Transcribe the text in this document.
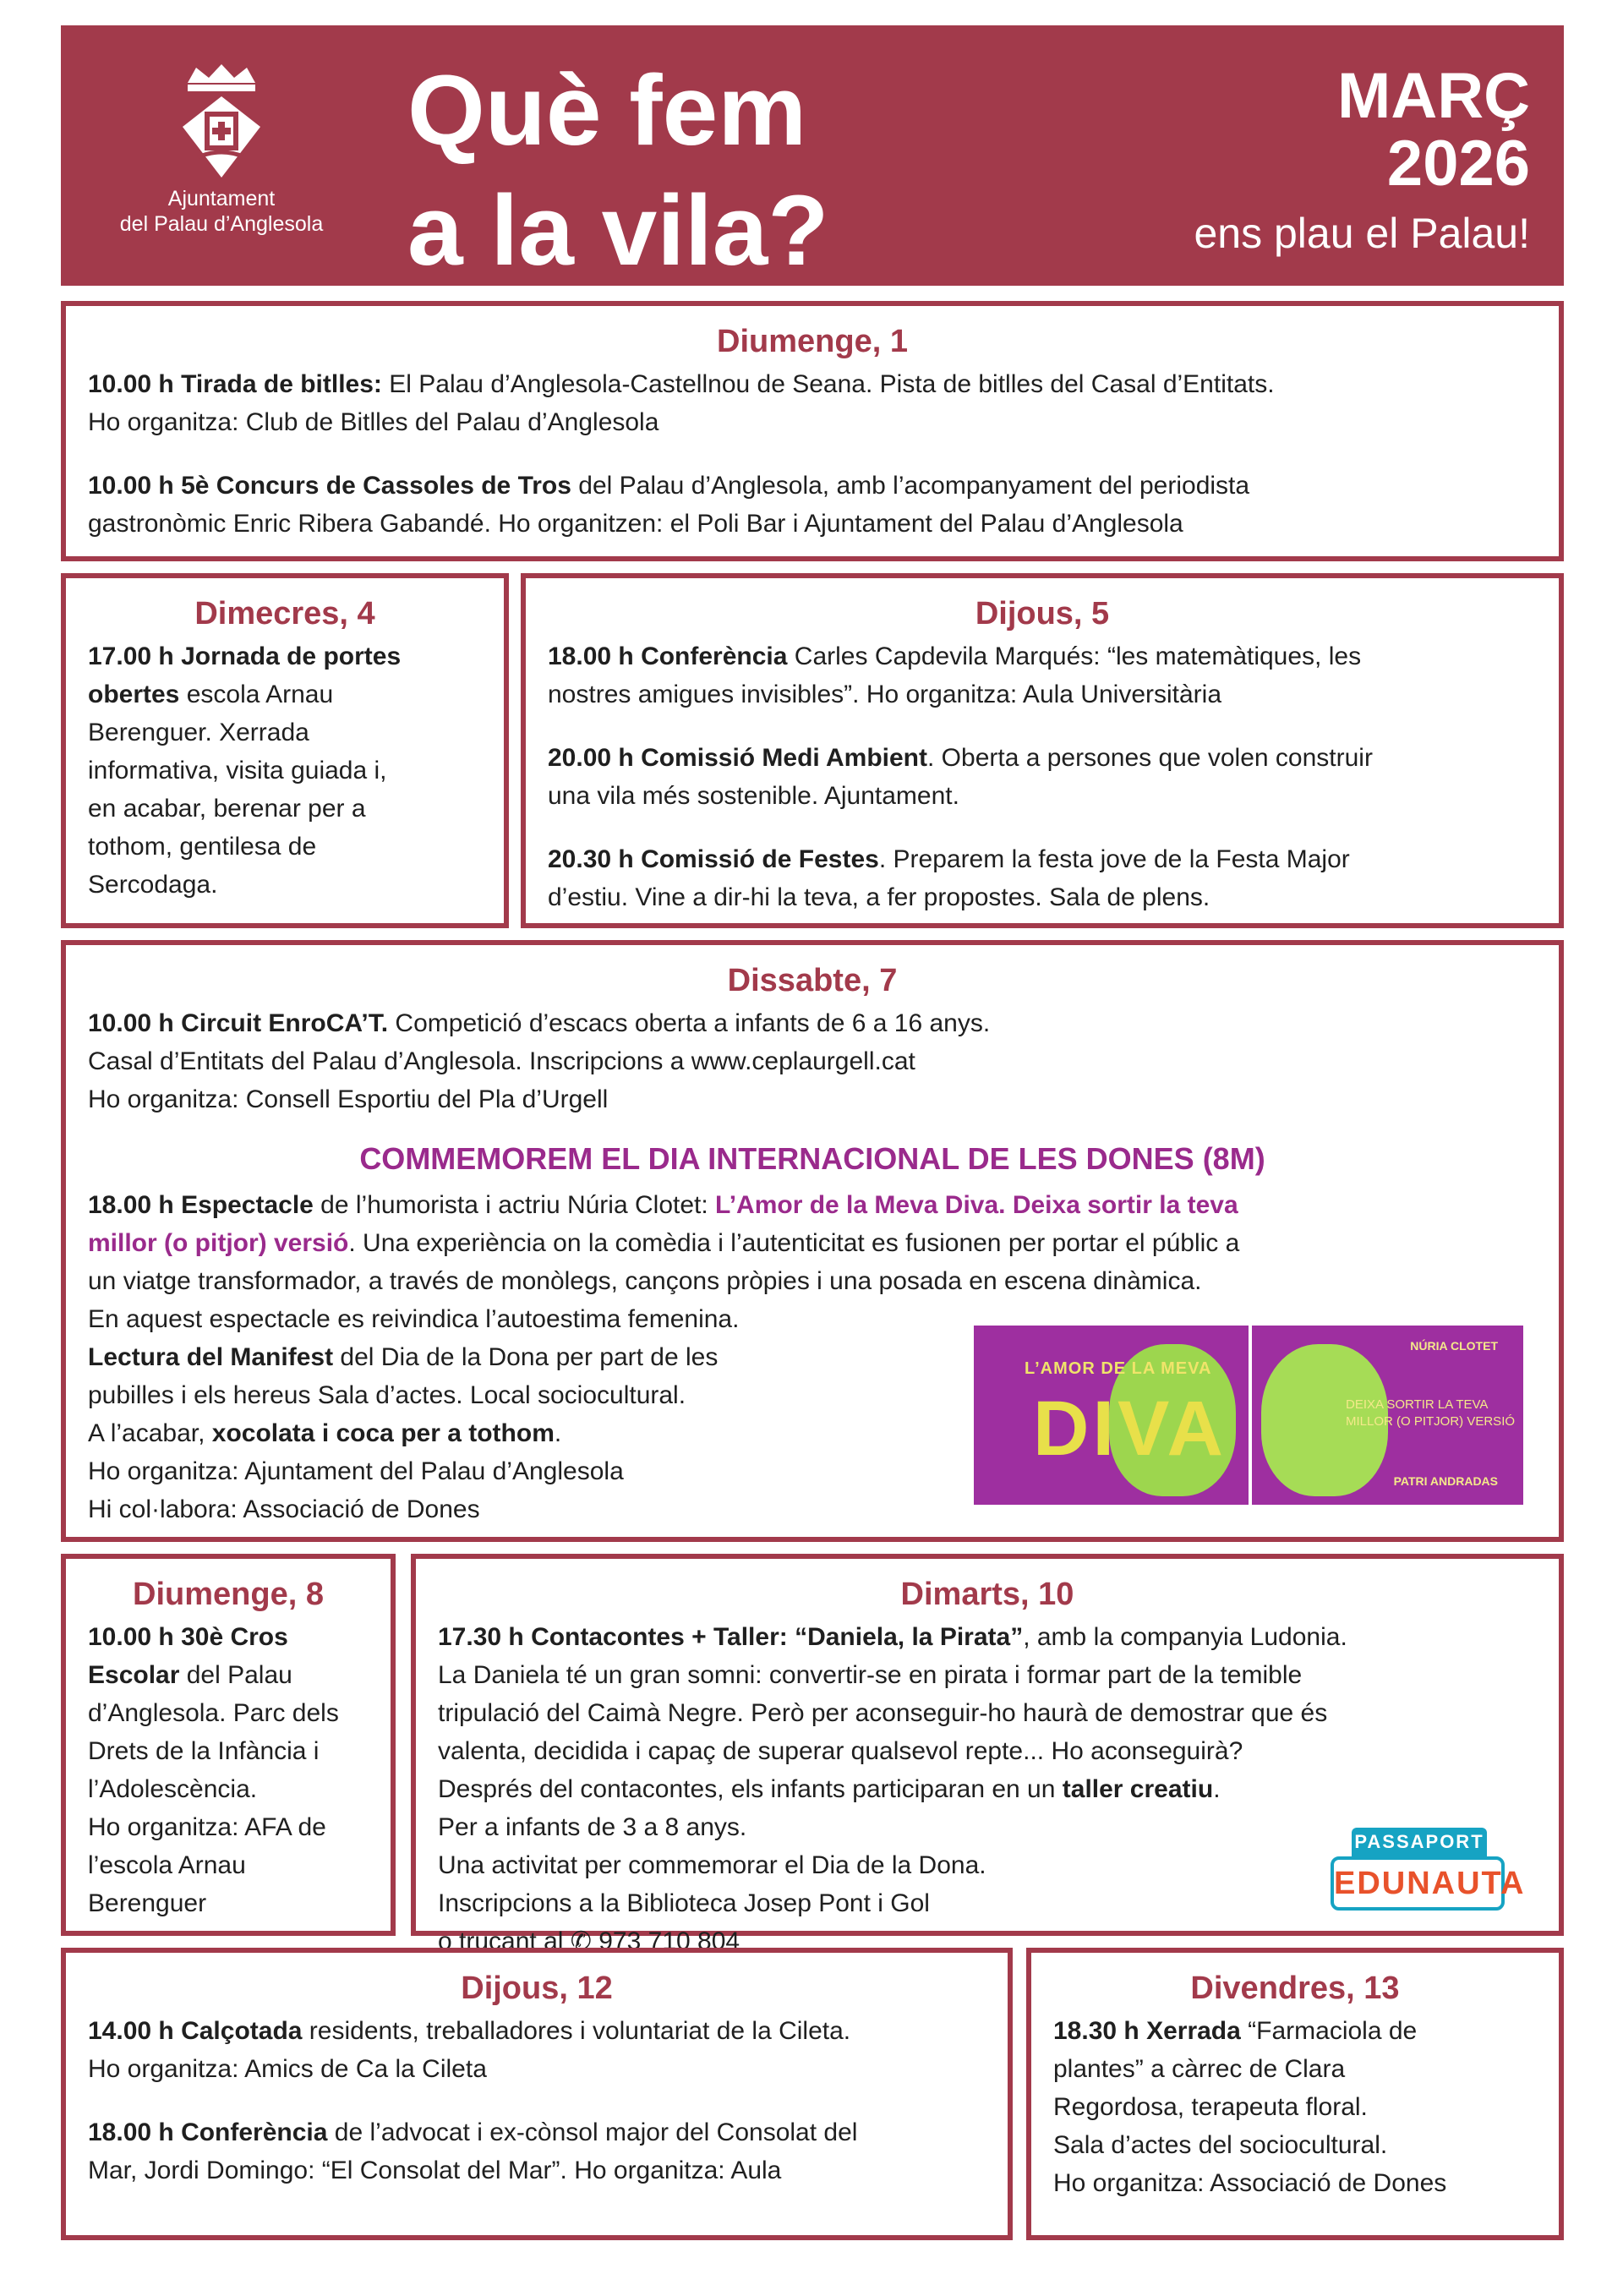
Ajuntament
del Palau d’Anglesola
Què fem
a la vila?
MARÇ
2026
ens plau el Palau!
Diumenge, 1

10.00 h Tirada de bitlles: El Palau d’Anglesola-Castellnou de Seana. Pista de bitlles del Casal d’Entitats.

Ho organitza: Club de Bitlles del Palau d’Anglesola

10.00 h 5è Concurs de Cassoles de Tros del Palau d’Anglesola, amb l’acompanyament del periodista

gastronòmic Enric Ribera Gabandé. Ho organitzen: el Poli Bar i Ajuntament del Palau d’Anglesola

Dimecres, 4

17.00 h Jornada de portes

obertes escola Arnau

Berenguer. Xerrada

informativa, visita guiada i,

en acabar, berenar per a

tothom, gentilesa de

Sercodaga.

Dijous, 5

18.00 h Conferència Carles Capdevila Marqués: “les matemàtiques, les

nostres amigues invisibles”. Ho organitza: Aula Universitària

20.00 h Comissió Medi Ambient. Oberta a persones que volen construir

una vila més sostenible. Ajuntament.

20.30 h Comissió de Festes. Preparem la festa jove de la Festa Major

d’estiu. Vine a dir-hi la teva, a fer propostes. Sala de plens.

Dissabte, 7

10.00 h Circuit EnroCA’T. Competició d’escacs oberta a infants de 6 a 16 anys.

Casal d’Entitats del Palau d’Anglesola. Inscripcions a www.ceplaurgell.cat

Ho organitza: Consell Esportiu del Pla d’Urgell

COMMEMOREM EL DIA INTERNACIONAL DE LES DONES (8M)

18.00 h Espectacle de l’humorista i actriu Núria Clotet: L’Amor de la Meva Diva. Deixa sortir la teva

millor (o pitjor) versió. Una experiència on la comèdia i l’autenticitat es fusionen per portar el públic a

un viatge transformador, a través de monòlegs, cançons pròpies i una posada en escena dinàmica.

En aquest espectacle es reivindica l’autoestima femenina.

Lectura del Manifest del Dia de la Dona per part de les

pubilles i els hereus Sala d’actes. Local sociocultural.

A l’acabar, xocolata i coca per a tothom.

Ho organitza: Ajuntament del Palau d’Anglesola

Hi col·labora: Associació de Dones

L’AMOR DE LA MEVA
DIVA	DEIXA SORTIR LA TEVA
MILLOR (O PITJOR) VERSIÓ
NÚRIA CLOTET
PATRI ANDRADAS
Diumenge, 8

10.00 h 30è Cros

Escolar del Palau

d’Anglesola. Parc dels

Drets de la Infància i

l’Adolescència.

Ho organitza: AFA de

l’escola Arnau

Berenguer

Dimarts, 10

17.30 h Contacontes + Taller: “Daniela, la Pirata”, amb la companyia Ludonia.

La Daniela té un gran somni: convertir-se en pirata i formar part de la temible

tripulació del Caimà Negre. Però per aconseguir-ho haurà de demostrar que és

valenta, decidida i capaç de superar qualsevol repte... Ho aconseguirà?

Després del contacontes, els infants participaran en un taller creatiu.

Per a infants de 3 a 8 anys.

Una activitat per commemorar el Dia de la Dona.

Inscripcions a la Biblioteca Josep Pont i Gol

o trucant al ✆ 973 710 804

PASSAPORT
EDUNAUTA
Dijous, 12

14.00 h Calçotada residents, treballadores i voluntariat de la Cileta.

Ho organitza: Amics de Ca la Cileta

18.00 h Conferència de l’advocat i ex-cònsol major del Consolat del

Mar, Jordi Domingo: “El Consolat del Mar”. Ho organitza: Aula

Divendres, 13

18.30 h Xerrada “Farmaciola de

plantes” a càrrec de Clara

Regordosa, terapeuta floral.

Sala d’actes del sociocultural.

Ho organitza: Associació de Dones
